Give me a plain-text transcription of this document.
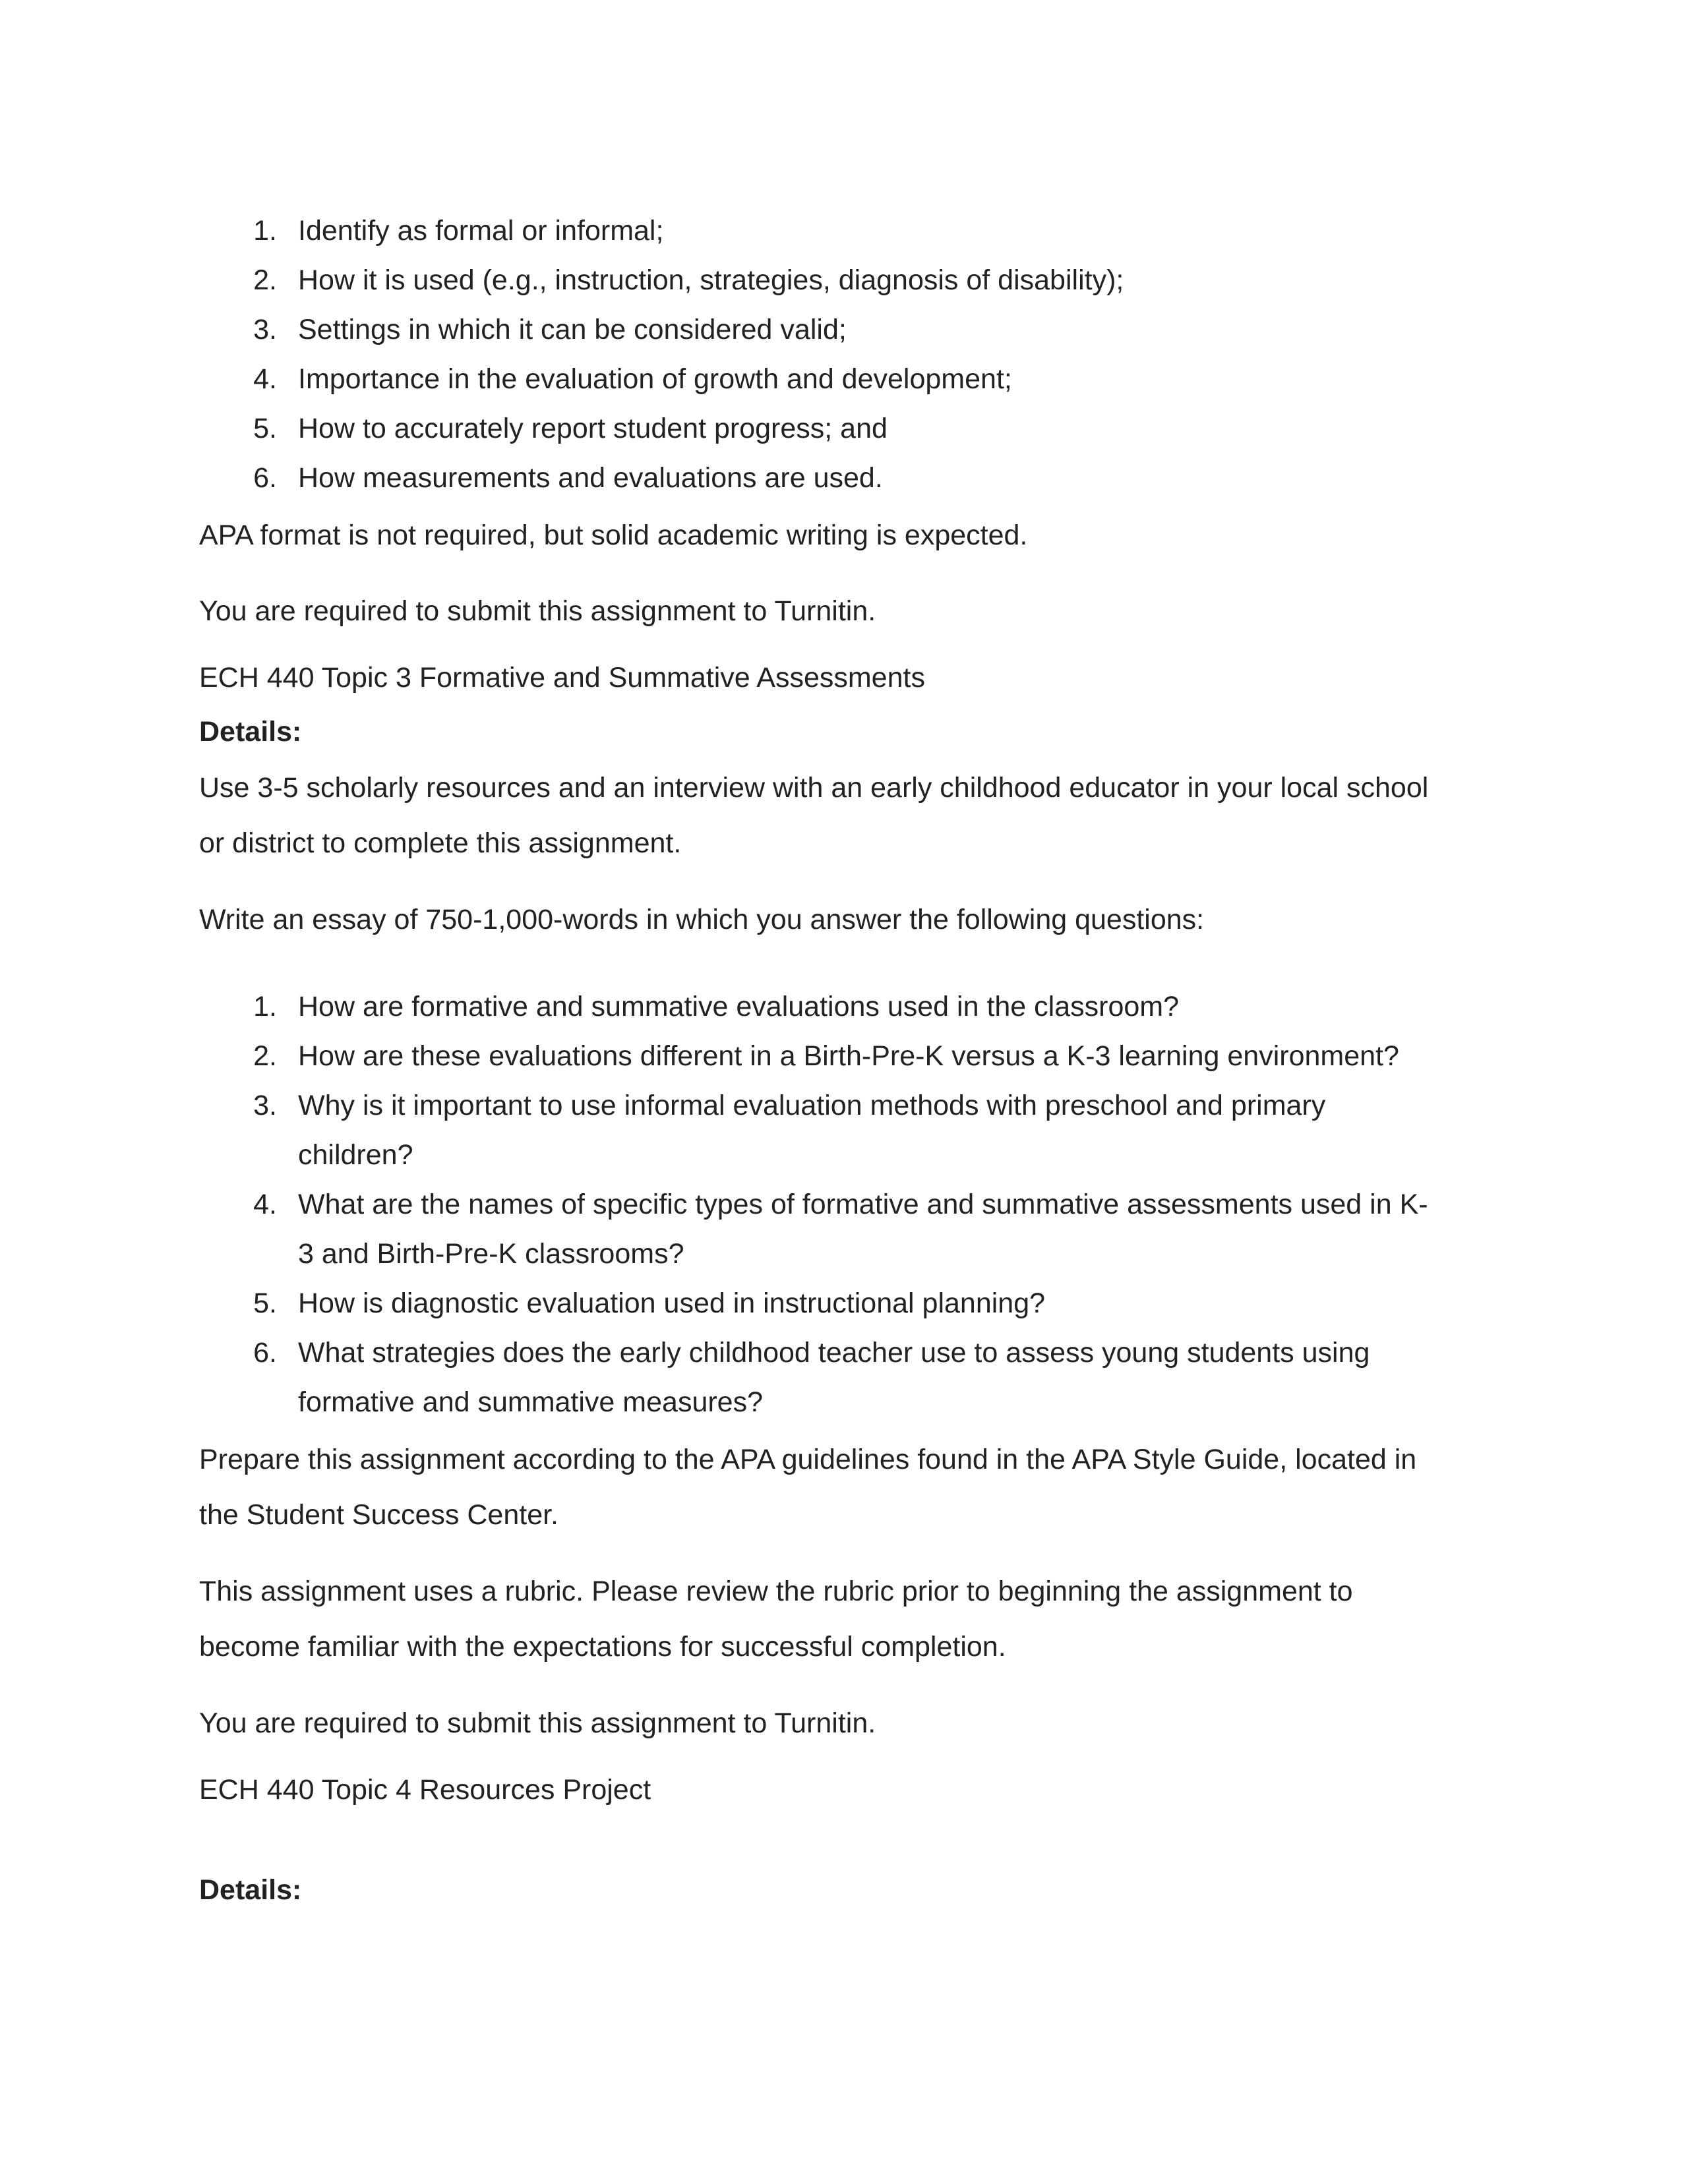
1. Identify as formal or informal;
2. How it is used (e.g., instruction, strategies, diagnosis of disability);
3. Settings in which it can be considered valid;
4. Importance in the evaluation of growth and development;
5. How to accurately report student progress; and
6. How measurements and evaluations are used.
APA format is not required, but solid academic writing is expected.
You are required to submit this assignment to Turnitin.
ECH 440 Topic 3 Formative and Summative Assessments
Details:
Use 3-5 scholarly resources and an interview with an early childhood educator in your local school
or district to complete this assignment.
Write an essay of 750-1,000-words in which you answer the following questions:
1. How are formative and summative evaluations used in the classroom?
2. How are these evaluations different in a Birth-Pre-K versus a K-3 learning environment?
3. Why is it important to use informal evaluation methods with preschool and primary
children?
4. What are the names of specific types of formative and summative assessments used in K-
3 and Birth-Pre-K classrooms?
5. How is diagnostic evaluation used in instructional planning?
6. What strategies does the early childhood teacher use to assess young students using
formative and summative measures?
Prepare this assignment according to the APA guidelines found in the APA Style Guide, located in
the Student Success Center.
This assignment uses a rubric. Please review the rubric prior to beginning the assignment to
become familiar with the expectations for successful completion.
You are required to submit this assignment to Turnitin.
ECH 440 Topic 4 Resources Project
Details:
